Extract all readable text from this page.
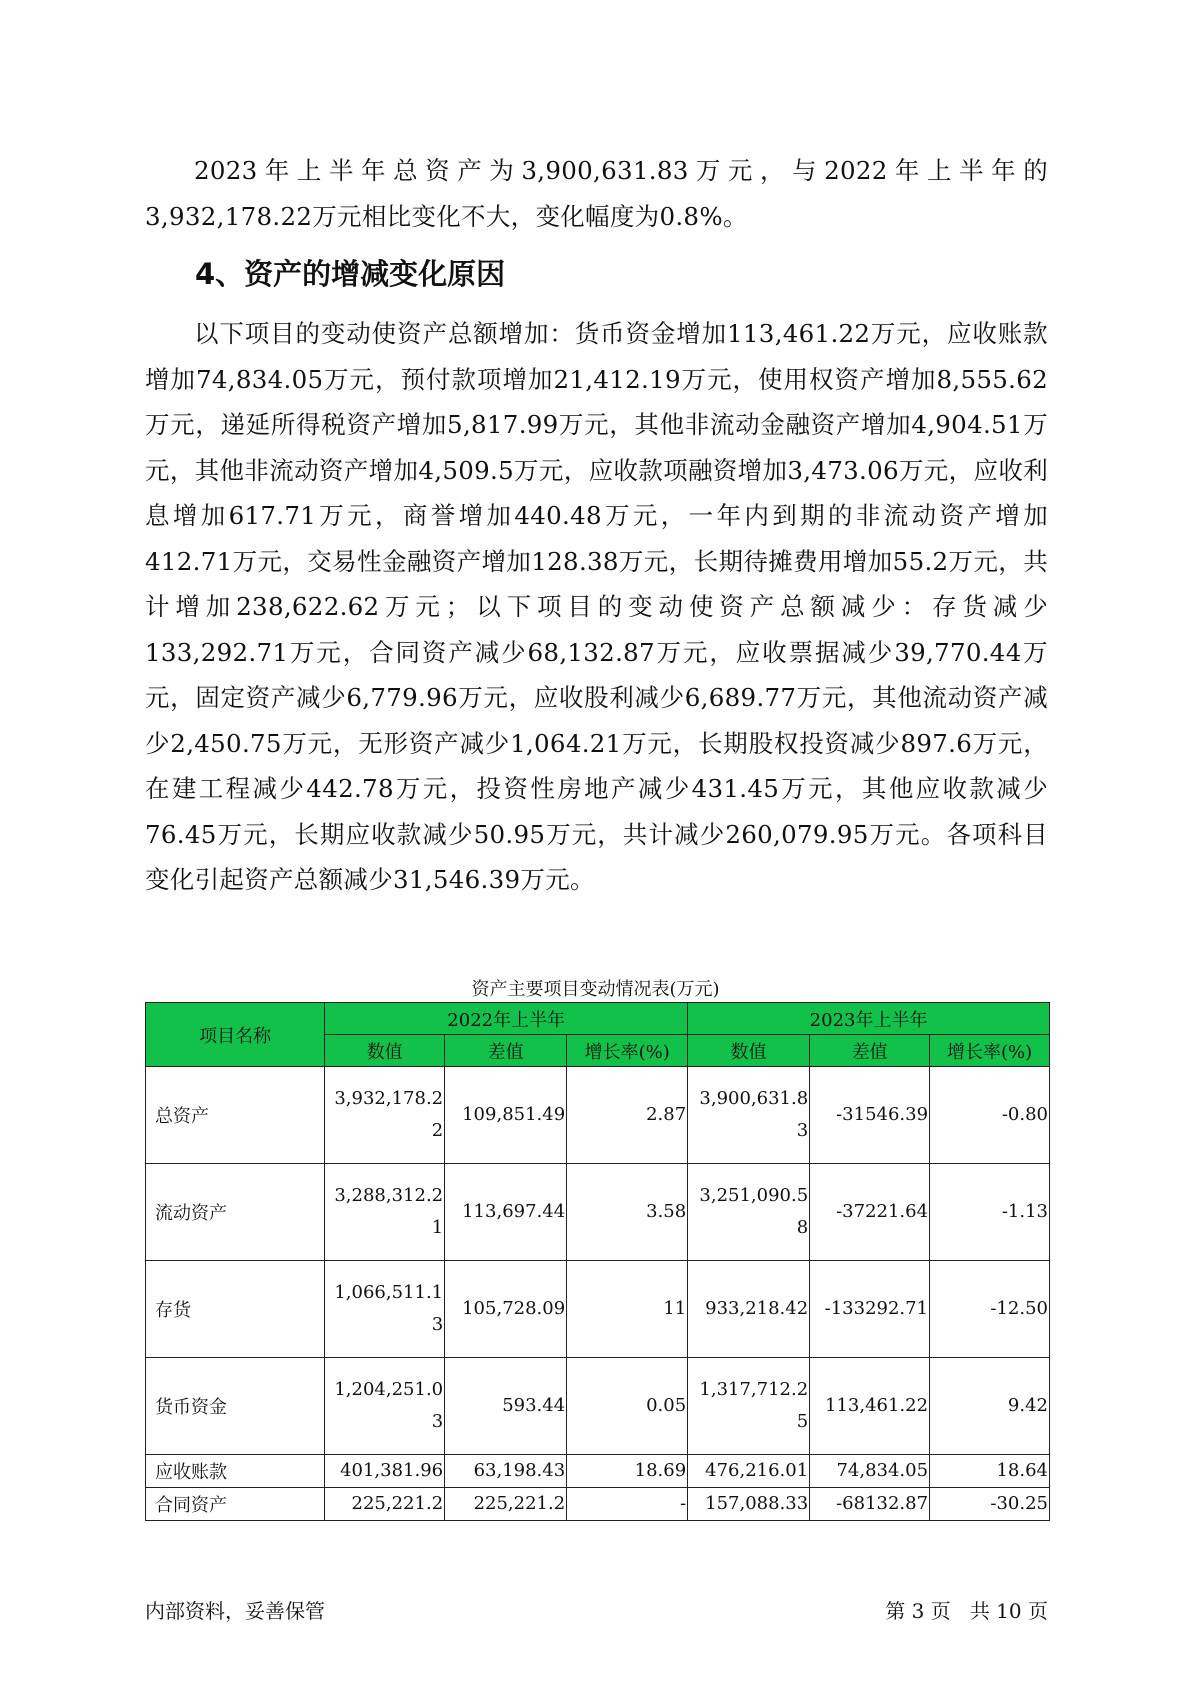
2023年上半年总资产为3,900,631.83万元，与2022年上半年的3,932,178.22万元相比变化不大，变化幅度为0.8%。

4、资产的增减变化原因

以下项目的变动使资产总额增加：货币资金增加113,461.22万元，应收账款增加74,834.05万元，预付款项增加21,412.19万元，使用权资产增加8,555.62万元，递延所得税资产增加5,817.99万元，其他非流动金融资产增加4,904.51万元，其他非流动资产增加4,509.5万元，应收款项融资增加3,473.06万元，应收利息增加617.71万元，商誉增加440.48万元，一年内到期的非流动资产增加412.71万元，交易性金融资产增加128.38万元，长期待摊费用增加55.2万元，共计增加238,622.62万元；以下项目的变动使资产总额减少：存货减少133,292.71万元，合同资产减少68,132.87万元，应收票据减少39,770.44万元，固定资产减少6,779.96万元，应收股利减少6,689.77万元，其他流动资产减少2,450.75万元，无形资产减少1,064.21万元，长期股权投资减少897.6万元，在建工程减少442.78万元，投资性房地产减少431.45万元，其他应收款减少76.45万元，长期应收款减少50.95万元，共计减少260,079.95万元。各项科目变化引起资产总额减少31,546.39万元。

资产主要项目变动情况表(万元)
项目名称	2022年上半年			2023年上半年		
	数值	差值	增长率(%)	数值	差值	增长率(%)
总资产	3,932,178.22	109,851.49	2.87	3,900,631.83	-31546.39	-0.80
流动资产	3,288,312.21	113,697.44	3.58	3,251,090.58	-37221.64	-1.13
存货	1,066,511.13	105,728.09	11	933,218.42	-133292.71	-12.50
货币资金	1,204,251.03	593.44	0.05	1,317,712.25	113,461.22	9.42
应收账款	401,381.96	63,198.43	18.69	476,216.01	74,834.05	18.64
合同资产	225,221.2	225,221.2	-	157,088.33	-68132.87	-30.25
内部资料，妥善保管	第 3 页   共 10 页
